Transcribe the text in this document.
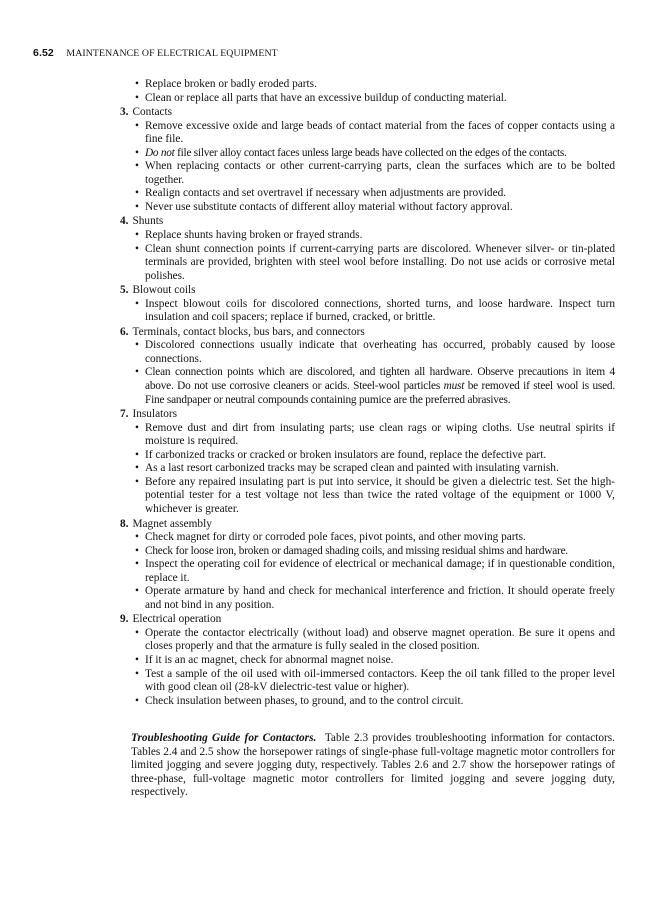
6.52 MAINTENANCE OF ELECTRICAL EQUIPMENT
• Replace broken or badly eroded parts.
• Clean or replace all parts that have an excessive buildup of conducting material.
3. Contacts
• Remove excessive oxide and large beads of contact material from the faces of copper contacts using a fine file.
• Do not file silver alloy contact faces unless large beads have collected on the edges of the contacts.
• When replacing contacts or other current-carrying parts, clean the surfaces which are to be bolted together.
• Realign contacts and set overtravel if necessary when adjustments are provided.
• Never use substitute contacts of different alloy material without factory approval.
4. Shunts
• Replace shunts having broken or frayed strands.
• Clean shunt connection points if current-carrying parts are discolored. Whenever silver- or tin-plated terminals are provided, brighten with steel wool before installing. Do not use acids or corrosive metal polishes.
5. Blowout coils
• Inspect blowout coils for discolored connections, shorted turns, and loose hardware. Inspect turn insulation and coil spacers; replace if burned, cracked, or brittle.
6. Terminals, contact blocks, bus bars, and connectors
• Discolored connections usually indicate that overheating has occurred, probably caused by loose connections.
• Clean connection points which are discolored, and tighten all hardware. Observe precautions in item 4 above. Do not use corrosive cleaners or acids. Steel-wool particles must be removed if steel wool is used. Fine sandpaper or neutral compounds containing pumice are the preferred abrasives.
7. Insulators
• Remove dust and dirt from insulating parts; use clean rags or wiping cloths. Use neutral spirits if moisture is required.
• If carbonized tracks or cracked or broken insulators are found, replace the defective part.
• As a last resort carbonized tracks may be scraped clean and painted with insulating varnish.
• Before any repaired insulating part is put into service, it should be given a dielectric test. Set the high-potential tester for a test voltage not less than twice the rated voltage of the equipment or 1000 V, whichever is greater.
8. Magnet assembly
• Check magnet for dirty or corroded pole faces, pivot points, and other moving parts.
• Check for loose iron, broken or damaged shading coils, and missing residual shims and hardware.
• Inspect the operating coil for evidence of electrical or mechanical damage; if in questionable condition, replace it.
• Operate armature by hand and check for mechanical interference and friction. It should operate freely and not bind in any position.
9. Electrical operation
• Operate the contactor electrically (without load) and observe magnet operation. Be sure it opens and closes properly and that the armature is fully sealed in the closed position.
• If it is an ac magnet, check for abnormal magnet noise.
• Test a sample of the oil used with oil-immersed contactors. Keep the oil tank filled to the proper level with good clean oil (28-kV dielectric-test value or higher).
• Check insulation between phases, to ground, and to the control circuit.
Troubleshooting Guide for Contactors. Table 2.3 provides troubleshooting information for contactors. Tables 2.4 and 2.5 show the horsepower ratings of single-phase full-voltage magnetic motor controllers for limited jogging and severe jogging duty, respectively. Tables 2.6 and 2.7 show the horsepower ratings of three-phase, full-voltage magnetic motor controllers for limited jogging and severe jogging duty, respectively.
